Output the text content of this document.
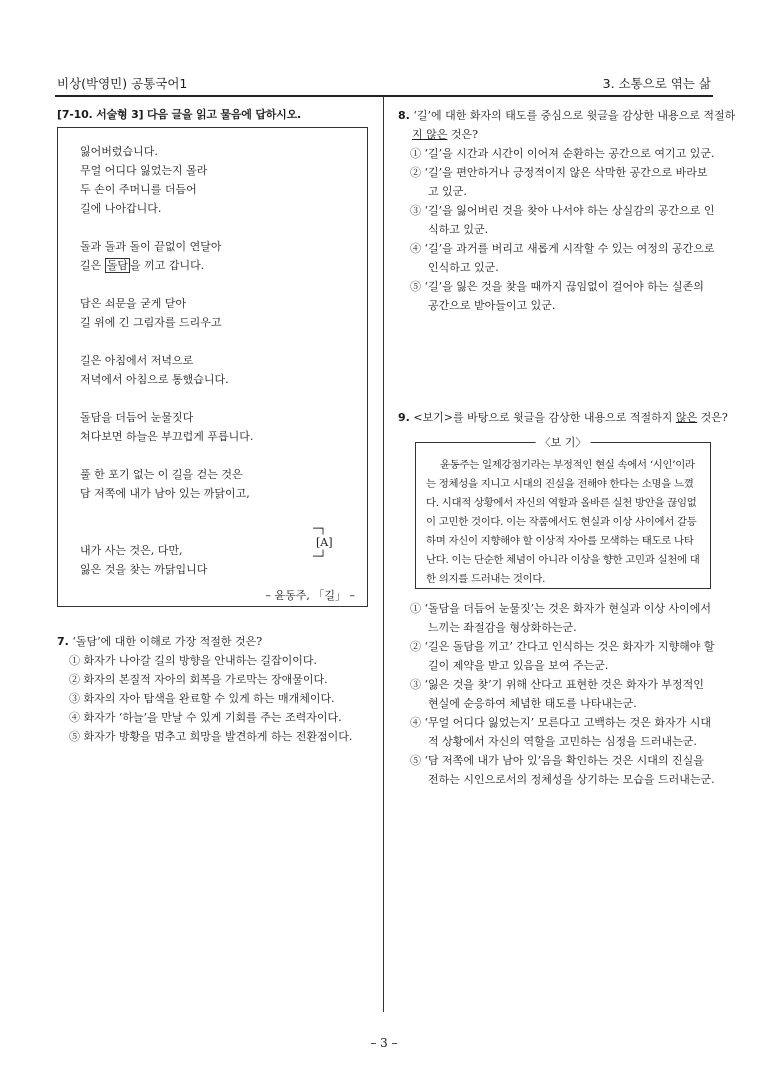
비상(박영민) 공통국어1	3. 소통으로 엮는 삶
[7-10. 서술형 3] 다음 글을 읽고 물음에 답하시오.
잃어버렸습니다.
무얼 어디다 잃었는지 몰라
두 손이 주머니를 더듬어
길에 나아갑니다.
돌과 돌과 돌이 끝없이 연달아
길은 돌담 을 끼고 갑니다.
담은 쇠문을 굳게 닫아
길 위에 긴 그림자를 드리우고
길은 아침에서 저녁으로
저녁에서 아침으로 통했습니다.
돌담을 더듬어 눈물짓다
쳐다보면 하늘은 부끄럽게 푸릅니다.
풀 한 포기 없는 이 길을 걷는 것은
담 저쪽에 내가 남아 있는 까닭이고,
내가 사는 것은, 다만,
잃은 것을 찾는 까닭입니다
─┐
[A]
─┘
– 윤동주, 「길」 –
7. ‘돌담’에 대한 이해로 가장 적절한 것은?
① 화자가 나아갈 길의 방향을 안내하는 길잡이이다.
② 화자의 본질적 자아의 회복을 가로막는 장애물이다.
③ 화자의 자아 탐색을 완료할 수 있게 하는 매개체이다.
④ 화자가 ‘하늘’을 만날 수 있게 기회를 주는 조력자이다.
⑤ 화자가 방황을 멈추고 희망을 발견하게 하는 전환점이다.
8. ‘길’에 대한 화자의 태도를 중심으로 윗글을 감상한 내용으로 적절하
지 않은 것은?
① ‘길’을 시간과 시간이 이어져 순환하는 공간으로 여기고 있군.
② ‘길’을 편안하거나 긍정적이지 않은 삭막한 공간으로 바라보고 있군.
③ ‘길’을 잃어버린 것을 찾아 나서야 하는 상실감의 공간으로 인식하고 있군.
④ ‘길’을 과거를 버리고 새롭게 시작할 수 있는 여정의 공간으로 인식하고 있군.
⑤ ‘길’을 잃은 것을 찾을 때까지 끊임없이 걸어야 하는 실존의 공간으로 받아들이고 있군.
9. <보기>를 바탕으로 윗글을 감상한 내용으로 적절하지 않은 것은?
〈보 기〉
윤동주는 일제강점기라는 부정적인 현실 속에서 ‘시인’이라는 정체성을 지니고 시대의 진실을 전해야 한다는 소명을 느꼈다. 시대적 상황에서 자신의 역할과 올바른 실천 방안을 끊임없이 고민한 것이다. 이는 작품에서도 현실과 이상 사이에서 갈등하며 자신이 지향해야 할 이상적 자아를 모색하는 태도로 나타난다. 이는 단순한 체념이 아니라 이상을 향한 고민과 실천에 대한 의지를 드러내는 것이다.
① ‘돌담을 더듬어 눈물짓’는 것은 화자가 현실과 이상 사이에서 느끼는 좌절감을 형상화하는군.
② ‘길은 돌담을 끼고’ 간다고 인식하는 것은 화자가 지향해야 할 길이 제약을 받고 있음을 보여 주는군.
③ ‘잃은 것을 찾’기 위해 산다고 표현한 것은 화자가 부정적인 현실에 순응하여 체념한 태도를 나타내는군.
④ ‘무얼 어디다 잃었는지’ 모른다고 고백하는 것은 화자가 시대적 상황에서 자신의 역할을 고민하는 심정을 드러내는군.
⑤ ‘담 저쪽에 내가 남아 있’음을 확인하는 것은 시대의 진실을 전하는 시인으로서의 정체성을 상기하는 모습을 드러내는군.
– 3 –
